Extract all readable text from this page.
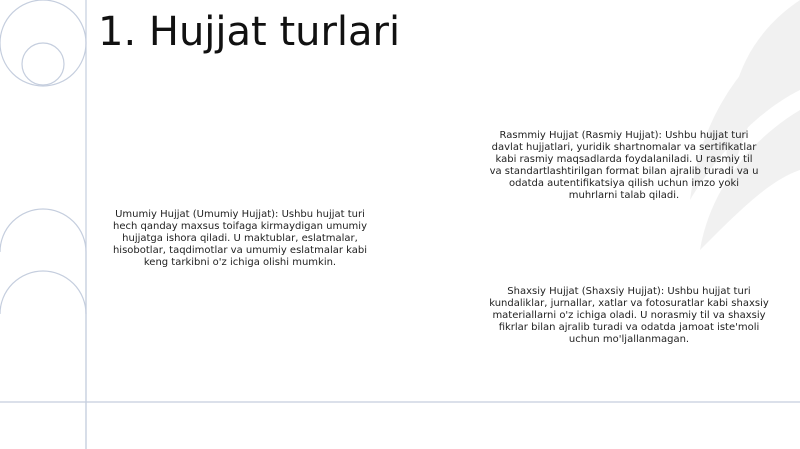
1. Hujjat turlari
Rasmmiy Hujjat (Rasmiy Hujjat): Ushbu hujjat turi davlat hujjatlari, yuridik shartnomalar va sertifikatlar kabi rasmiy maqsadlarda foydalaniladi. U rasmiy til va standartlashtirilgan format bilan ajralib turadi va u odatda autentifikatsiya qilish uchun imzo yoki muhrlarni talab qiladi.
Umumiy Hujjat (Umumiy Hujjat): Ushbu hujjat turi hech qanday maxsus toifaga kirmaydigan umumiy hujjatga ishora qiladi. U maktublar, eslatmalar, hisobotlar, taqdimotlar va umumiy eslatmalar kabi keng tarkibni o'z ichiga olishi mumkin.
Shaxsiy Hujjat (Shaxsiy Hujjat): Ushbu hujjat turi kundaliklar, jurnallar, xatlar va fotosuratlar kabi shaxsiy materiallarni o'z ichiga oladi. U norasmiy til va shaxsiy fikrlar bilan ajralib turadi va odatda jamoat iste'moli uchun mo'ljallanmagan.
